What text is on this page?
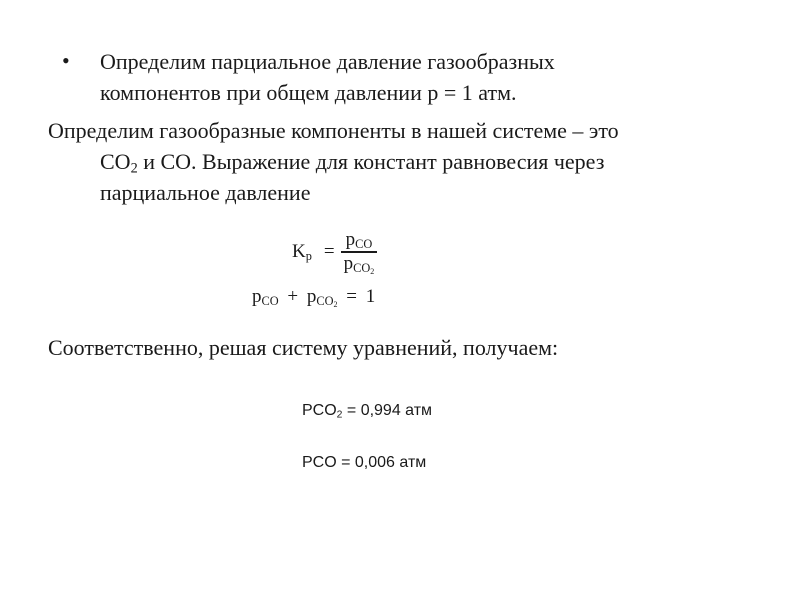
• Определим парциальное давление газообразных
компонентов при общем давлении p = 1 атм.
Определим газообразные компоненты в нашей системе – это
$CO_2$ и CO. Выражение для констант равновесия через
парциальное давление
$K_p = \frac{p_{CO}}{p_{CO_2}}$
$p_{CO} + p_{CO_2} = 1$
Соответственно, решая систему уравнений, получаем:
$PCO_2 = 0,994$ атм
PCO = 0,006 атм
